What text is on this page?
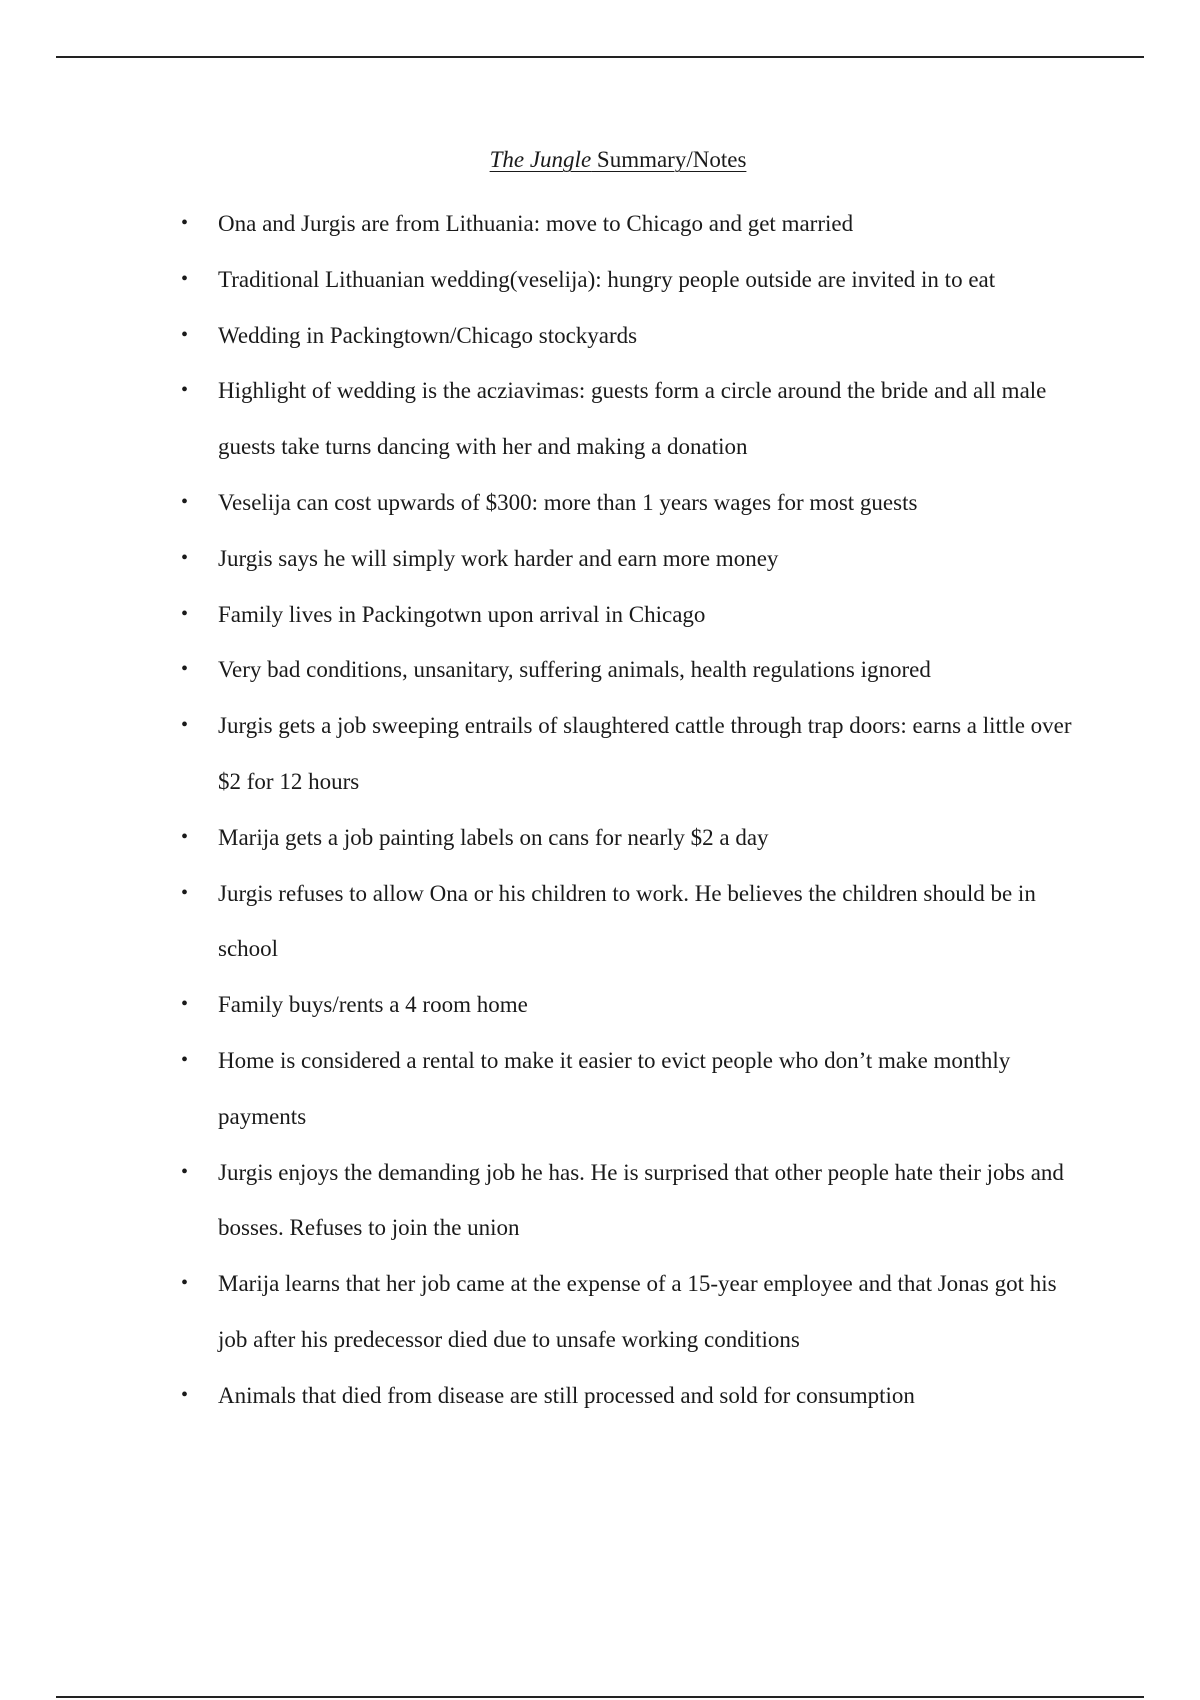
The Jungle Summary/Notes
• Ona and Jurgis are from Lithuania: move to Chicago and get married
• Traditional Lithuanian wedding(veselija): hungry people outside are invited in to eat
• Wedding in Packingtown/Chicago stockyards
• Highlight of wedding is the acziavimas: guests form a circle around the bride and all male guests take turns dancing with her and making a donation
• Veselija can cost upwards of $300: more than 1 years wages for most guests
• Jurgis says he will simply work harder and earn more money
• Family lives in Packingotwn upon arrival in Chicago
• Very bad conditions, unsanitary, suffering animals, health regulations ignored
• Jurgis gets a job sweeping entrails of slaughtered cattle through trap doors: earns a little over $2 for 12 hours
• Marija gets a job painting labels on cans for nearly $2 a day
• Jurgis refuses to allow Ona or his children to work. He believes the children should be in school
• Family buys/rents a 4 room home
• Home is considered a rental to make it easier to evict people who don’t make monthly payments
• Jurgis enjoys the demanding job he has. He is surprised that other people hate their jobs and bosses. Refuses to join the union
• Marija learns that her job came at the expense of a 15-year employee and that Jonas got his job after his predecessor died due to unsafe working conditions
• Animals that died from disease are still processed and sold for consumption
